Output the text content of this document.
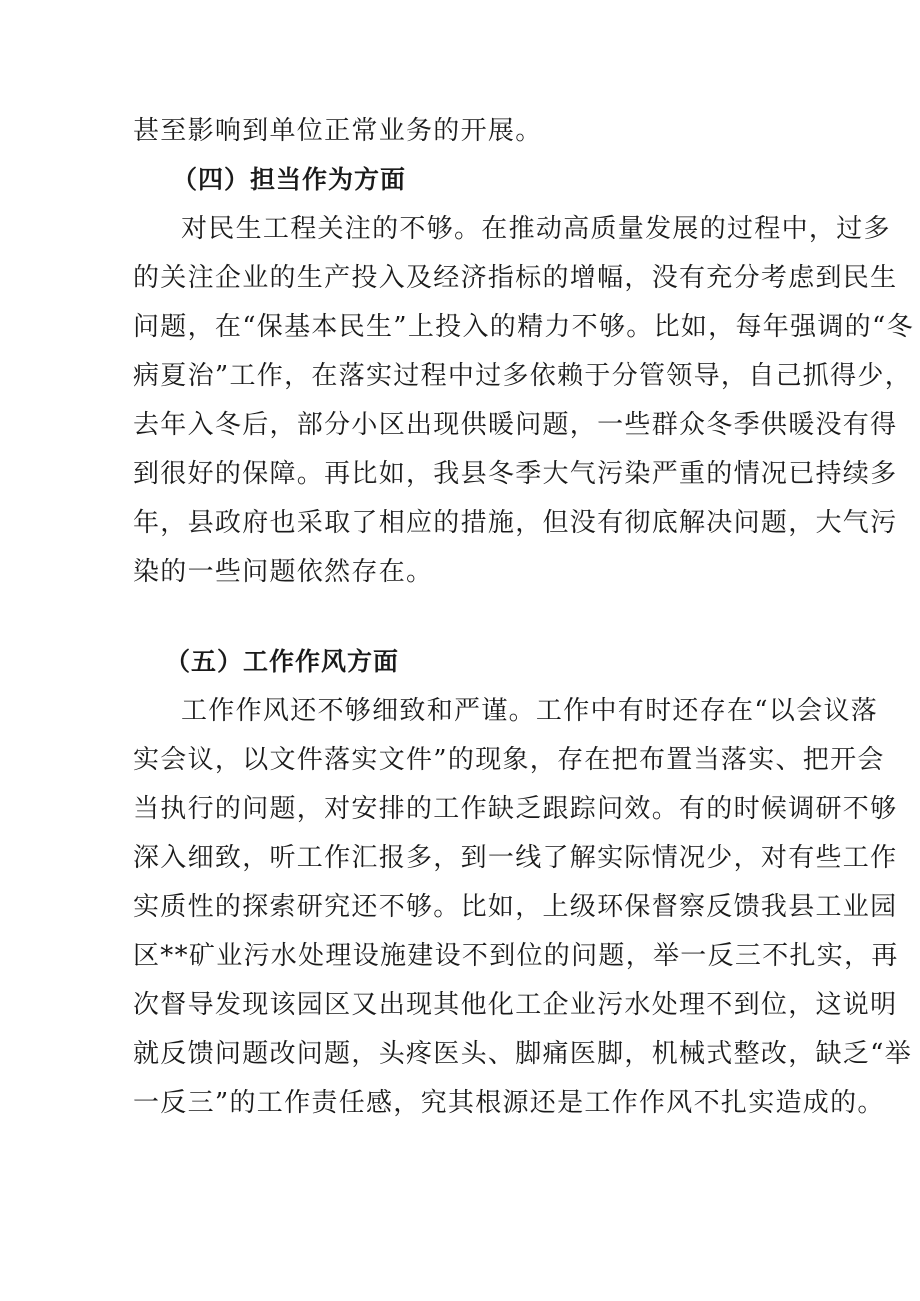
甚至影响到单位正常业务的开展。
（四）担当作为方面
对民生工程关注的不够。在推动高质量发展的过程中，过多
的关注企业的生产投入及经济指标的增幅，没有充分考虑到民生
问题，在“保基本民生”上投入的精力不够。比如，每年强调的“冬
病夏治”工作，在落实过程中过多依赖于分管领导，自己抓得少，
去年入冬后，部分小区出现供暖问题，一些群众冬季供暖没有得
到很好的保障。再比如，我县冬季大气污染严重的情况已持续多
年，县政府也采取了相应的措施，但没有彻底解决问题，大气污
染的一些问题依然存在。
（五）工作作风方面
工作作风还不够细致和严谨。工作中有时还存在“以会议落
实会议，以文件落实文件”的现象，存在把布置当落实、把开会
当执行的问题，对安排的工作缺乏跟踪问效。有的时候调研不够
深入细致，听工作汇报多，到一线了解实际情况少，对有些工作
实质性的探索研究还不够。比如，上级环保督察反馈我县工业园
区**矿业污水处理设施建设不到位的问题，举一反三不扎实，再
次督导发现该园区又出现其他化工企业污水处理不到位，这说明
就反馈问题改问题，头疼医头、脚痛医脚，机械式整改，缺乏“举
一反三”的工作责任感，究其根源还是工作作风不扎实造成的。
